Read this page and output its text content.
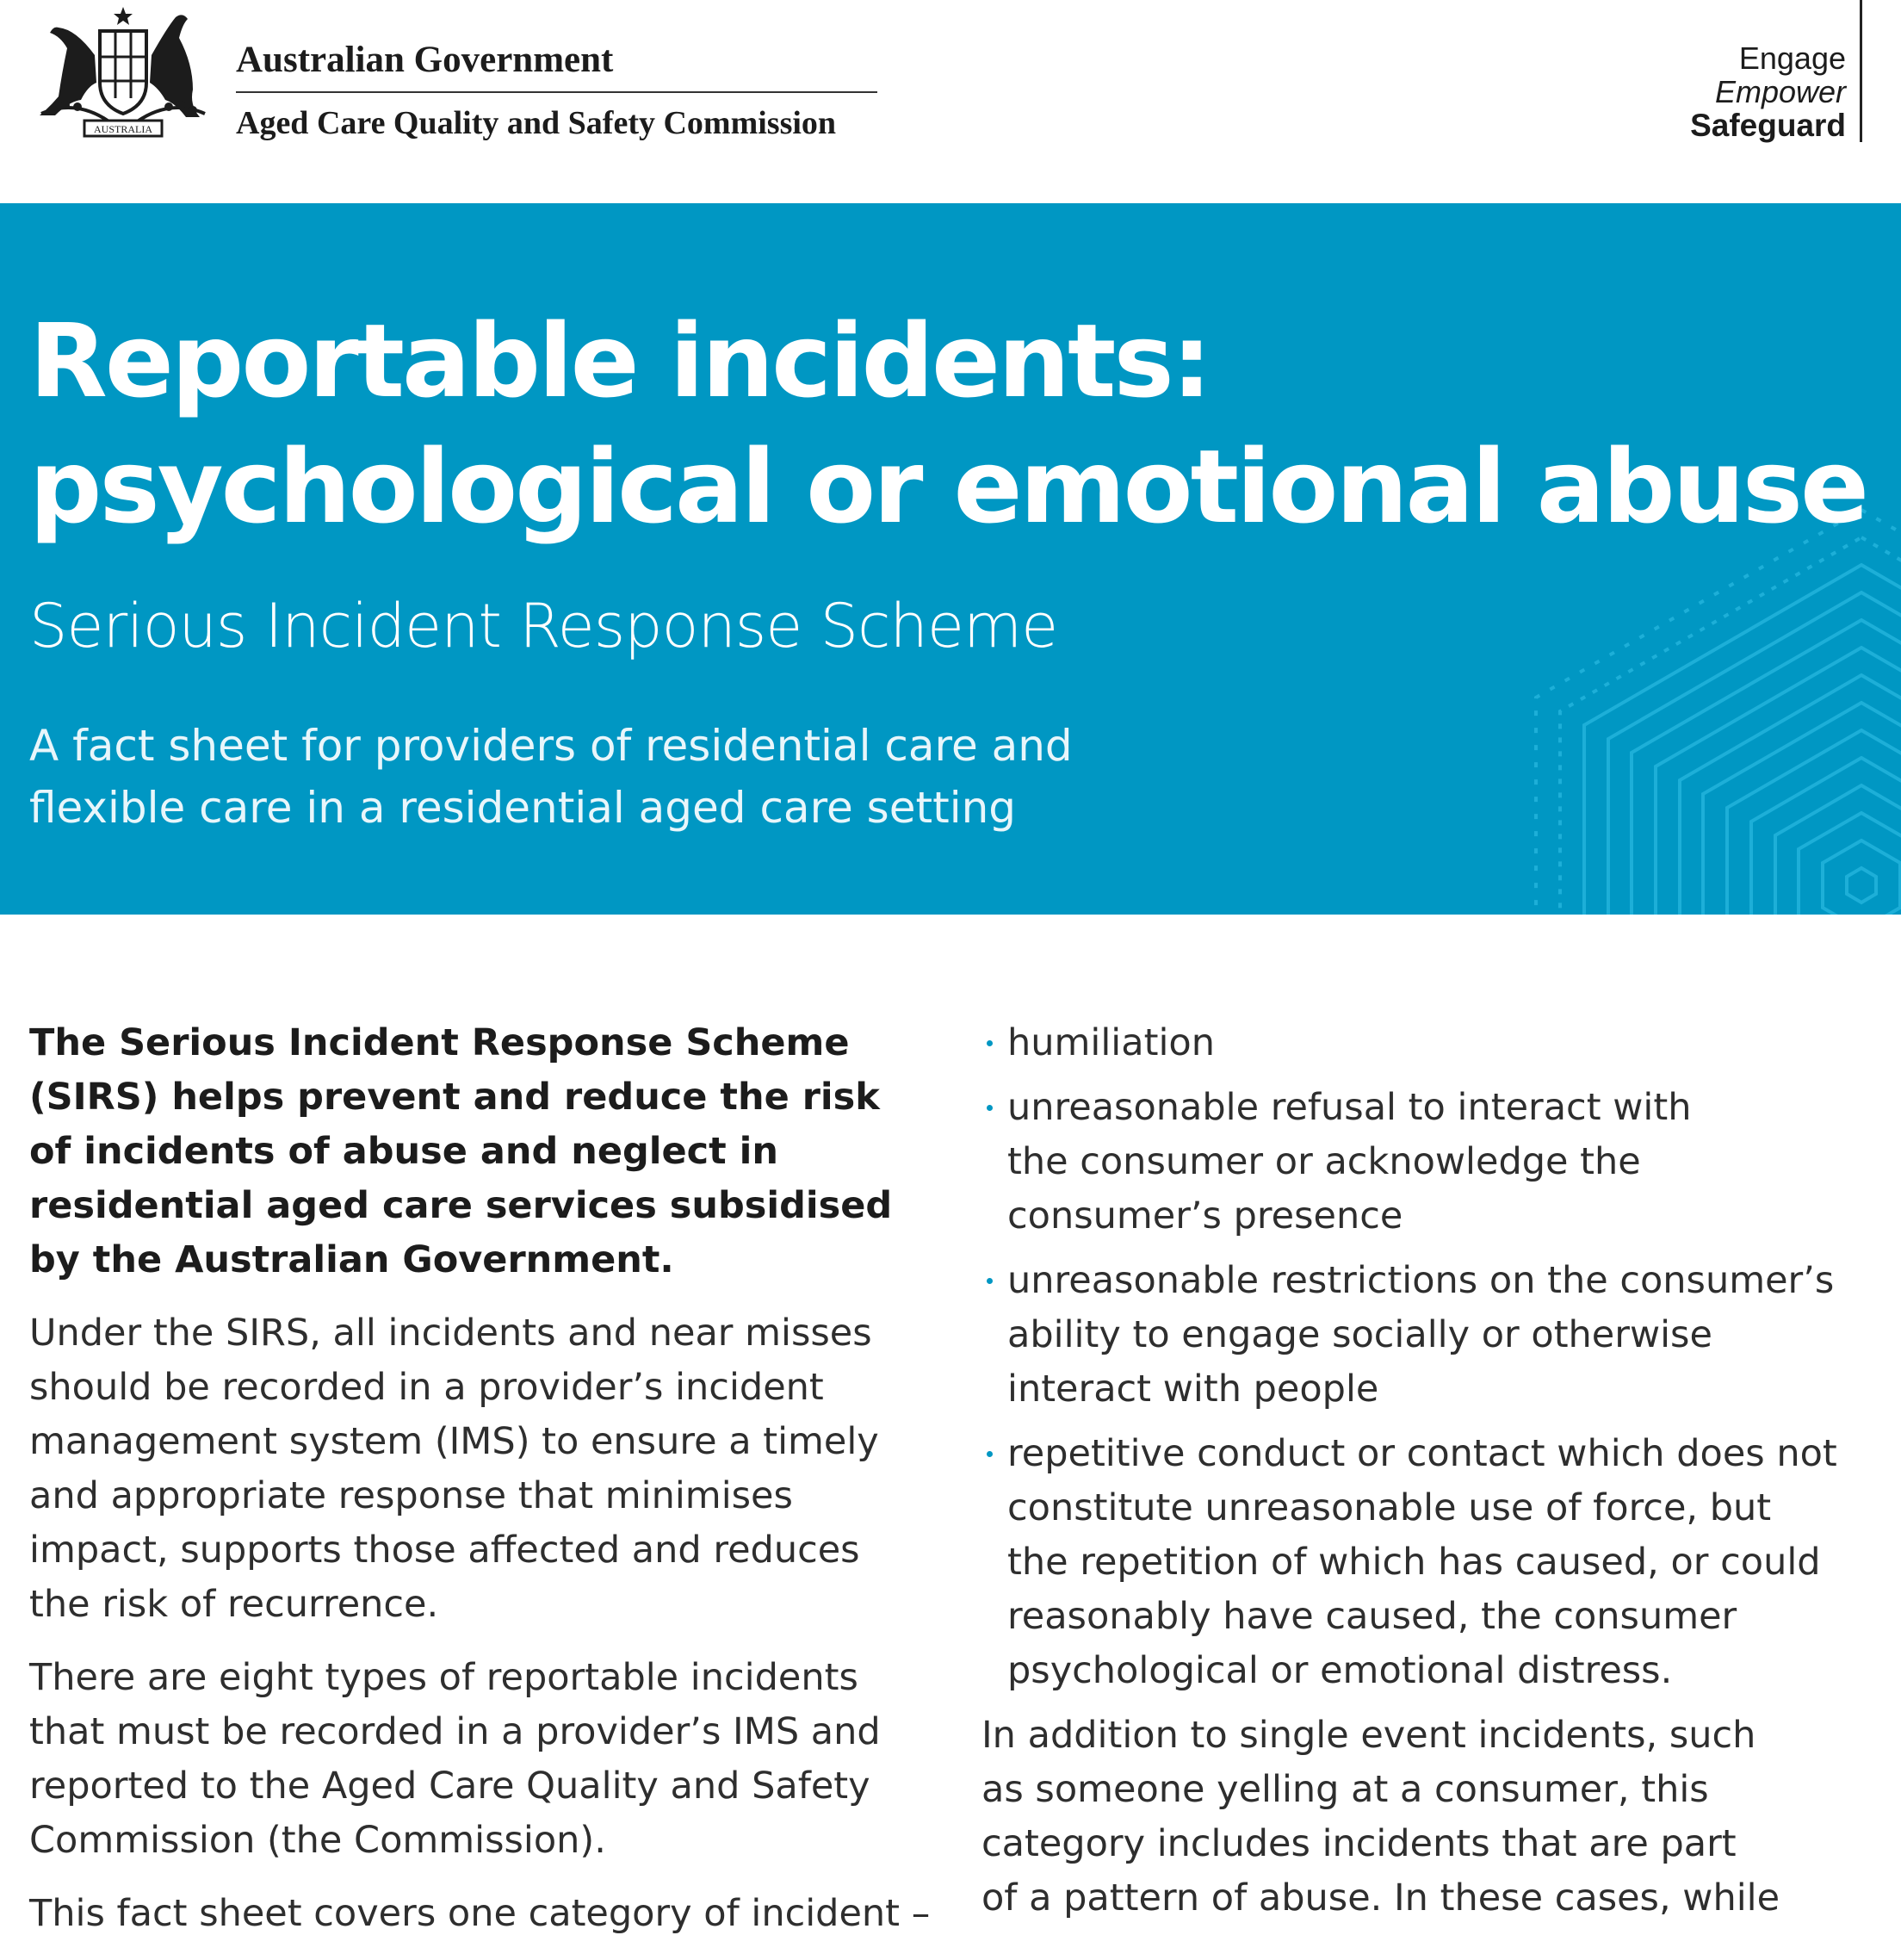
AUSTRALIA
Australian Government
Aged Care Quality and Safety Commission
Engage
Empower
Safeguard
Reportable incidents:
psychological or emotional abuse
Serious Incident Response Scheme
A fact sheet for providers of residential care and
flexible care in a residential aged care setting

The Serious Incident Response Scheme
(SIRS) helps prevent and reduce the risk
of incidents of abuse and neglect in
residential aged care services subsidised
by the Australian Government.

Under the SIRS, all incidents and near misses
should be recorded in a provider’s incident
management system (IMS) to ensure a timely
and appropriate response that minimises
impact, supports those affected and reduces
the risk of recurrence.

There are eight types of reportable incidents
that must be recorded in a provider’s IMS and
reported to the Aged Care Quality and Safety
Commission (the Commission).

This fact sheet covers one category of incident –

humiliation
unreasonable refusal to interact with
the consumer or acknowledge the
consumer’s presence
unreasonable restrictions on the consumer’s
ability to engage socially or otherwise
interact with people
repetitive conduct or contact which does not
constitute unreasonable use of force, but
the repetition of which has caused, or could
reasonably have caused, the consumer
psychological or emotional distress.

In addition to single event incidents, such
as someone yelling at a consumer, this
category includes incidents that are part
of a pattern of abuse. In these cases, while
